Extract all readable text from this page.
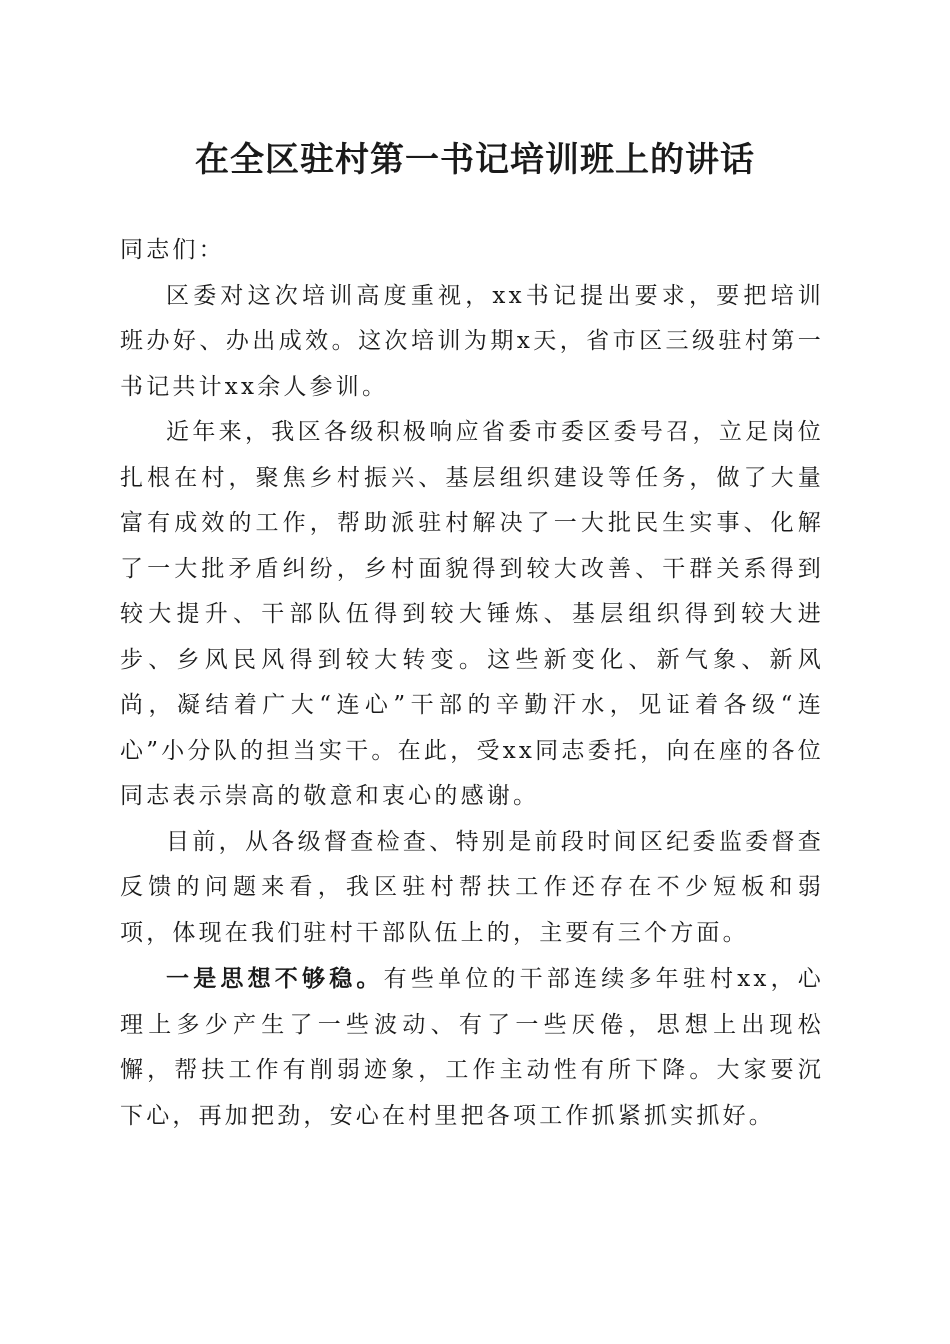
在全区驻村第一书记培训班上的讲话

同志们：

区委对这次培训高度重视，xx书记提出要求，要把培训班办好、办出成效。这次培训为期x天，省市区三级驻村第一书记共计xx余人参训。

近年来，我区各级积极响应省委市委区委号召，立足岗位扎根在村，聚焦乡村振兴、基层组织建设等任务，做了大量富有成效的工作，帮助派驻村解决了一大批民生实事、化解了一大批矛盾纠纷，乡村面貌得到较大改善、干群关系得到较大提升、干部队伍得到较大锤炼、基层组织得到较大进步、乡风民风得到较大转变。这些新变化、新气象、新风尚，凝结着广大“连心”干部的辛勤汗水，见证着各级“连心”小分队的担当实干。在此，受xx同志委托，向在座的各位同志表示崇高的敬意和衷心的感谢。

目前，从各级督查检查、特别是前段时间区纪委监委督查反馈的问题来看，我区驻村帮扶工作还存在不少短板和弱项，体现在我们驻村干部队伍上的，主要有三个方面。

一是思想不够稳。有些单位的干部连续多年驻村xx，心理上多少产生了一些波动、有了一些厌倦，思想上出现松懈，帮扶工作有削弱迹象，工作主动性有所下降。大家要沉下心，再加把劲，安心在村里把各项工作抓紧抓实抓好。
